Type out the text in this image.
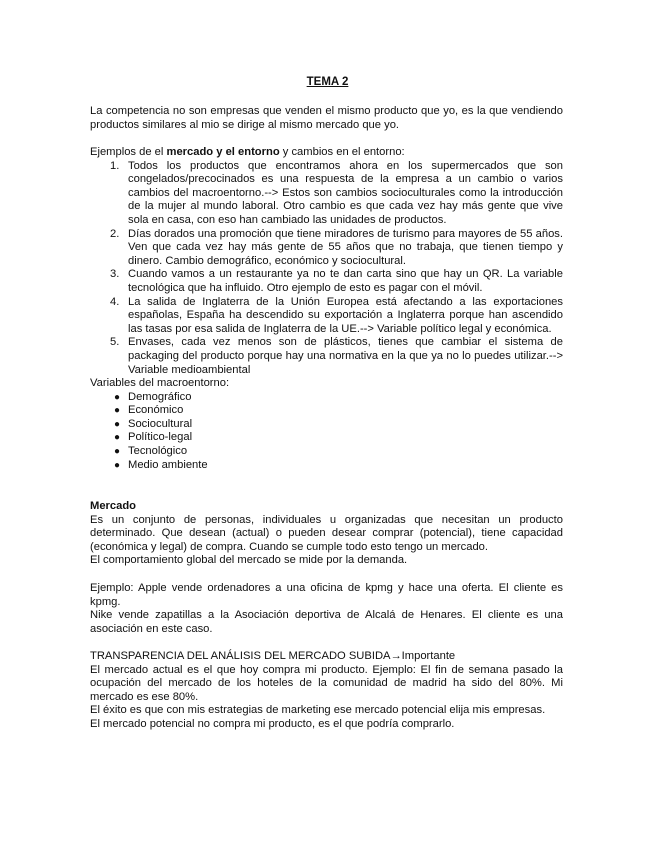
TEMA 2

La competencia no son empresas que venden el mismo producto que yo, es la que vendiendo productos similares al mio se dirige al mismo mercado que yo.

Ejemplos de el mercado y el entorno y cambios en el entorno:

1. Todos los productos que encontramos ahora en los supermercados que son congelados/precocinados es una respuesta de la empresa a un cambio o varios cambios del macroentorno.--> Estos son cambios socioculturales como la introducción de la mujer al mundo laboral. Otro cambio es que cada vez hay más gente que vive sola en casa, con eso han cambiado las unidades de productos.
2. Días dorados una promoción que tiene miradores de turismo para mayores de 55 años. Ven que cada vez hay más gente de 55 años que no trabaja, que tienen tiempo y dinero. Cambio demográfico, económico y sociocultural.
3. Cuando vamos a un restaurante ya no te dan carta sino que hay un QR. La variable tecnológica que ha influido. Otro ejemplo de esto es pagar con el móvil.
4. La salida de Inglaterra de la Unión Europea está afectando a las exportaciones españolas, España ha descendido su exportación a Inglaterra porque han ascendido las tasas por esa salida de Inglaterra de la UE.--> Variable político legal y económica.
5. Envases, cada vez menos son de plásticos, tienes que cambiar el sistema de packaging del producto porque hay una normativa en la que ya no lo puedes utilizar.--> Variable medioambiental

Variables del macroentorno:

● Demográfico
● Económico
● Sociocultural
● Político-legal
● Tecnológico
● Medio ambiente

Mercado

Es un conjunto de personas, individuales u organizadas que necesitan un producto determinado. Que desean (actual) o pueden desear comprar (potencial), tiene capacidad (económica y legal) de compra. Cuando se cumple todo esto tengo un mercado.

El comportamiento global del mercado se mide por la demanda.

Ejemplo: Apple vende ordenadores a una oficina de kpmg y hace una oferta. El cliente es kpmg.

Nike vende zapatillas a la Asociación deportiva de Alcalá de Henares. El cliente es una asociación en este caso.

TRANSPARENCIA DEL ANÁLISIS DEL MERCADO SUBIDA→Importante

El mercado actual es el que hoy compra mi producto. Ejemplo: El fin de semana pasado la ocupación del mercado de los hoteles de la comunidad de madrid ha sido del 80%. Mi mercado es ese 80%.

El éxito es que con mis estrategias de marketing ese mercado potencial elija mis empresas.

El mercado potencial no compra mi producto, es el que podría comprarlo.
